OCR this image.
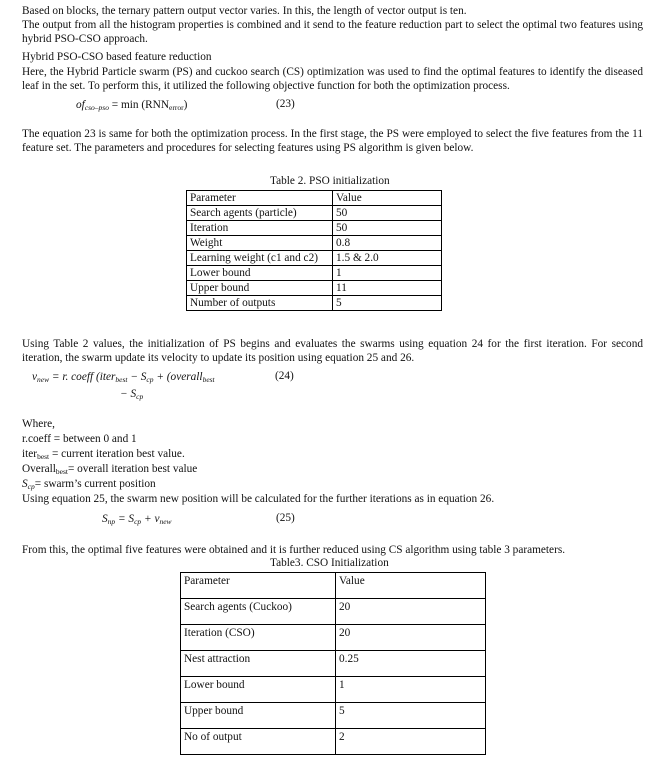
Based on blocks, the ternary pattern output vector varies. In this, the length of vector output is ten.

The output from all the histogram properties is combined and it send to the feature reduction part to select the optimal two features using hybrid PSO-CSO approach.

Hybrid PSO-CSO based feature reduction

Here, the Hybrid Particle swarm (PS) and cuckoo search (CS) optimization was used to find the optimal features to identify the diseased leaf in the set. To perform this, it utilized the following objective function for both the optimization process.

$of_{cso-pso} = \min (RNN_{error})$	(23)

The equation 23 is same for both the optimization process. In the first stage, the PS were employed to select the five features from the 11 feature set. The parameters and procedures for selecting features using PS algorithm is given below.

Table 2. PSO initialization
Parameter	Value
Search agents (particle)	50
Iteration	50
Weight	0.8
Learning weight (c1 and c2)	1.5 & 2.0
Lower bound	1
Upper bound	11
Number of outputs	5

Using Table 2 values, the initialization of PS begins and evaluates the swarms using equation 24 for the first iteration. For second iteration, the swarm update its velocity to update its position using equation 25 and 26.

$v_{new} = r$. coeff (iter$_{best}$ − $S_{cp}$ + (overall$_{best}$
− $S_{cp}$
(24)

Where,

r.coeff = between 0 and 1

iter$_{best}$ = current iteration best value.

Overall$_{best}$= overall iteration best value

$S_{cp}=$ swarm’s current position

Using equation 25, the swarm new position will be calculated for the further iterations as in equation 26.

$S_{np} = S_{cp} + v_{new}$	(25)

From this, the optimal five features were obtained and it is further reduced using CS algorithm using table 3 parameters.

Table3. CSO Initialization
Parameter	Value
Search agents (Cuckoo)	20
Iteration (CSO)	20
Nest attraction	0.25
Lower bound	1
Upper bound	5
No of output	2
